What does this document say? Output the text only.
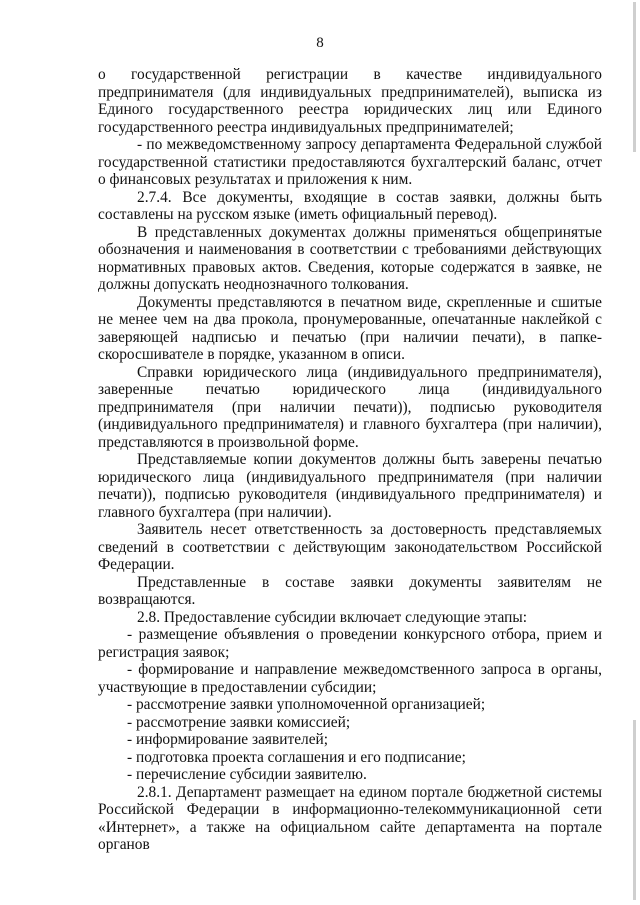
8

о государственной регистрации в качестве индивидуального предпринимателя (для индивидуальных предпринимателей), выписка из Единого государственного реестра юридических лиц или Единого государственного реестра индивидуальных предпринимателей;

- по межведомственному запросу департамента Федеральной службой государственной статистики предоставляются бухгалтерский баланс, отчет о финансовых результатах и приложения к ним.

2.7.4. Все документы, входящие в состав заявки, должны быть составлены на русском языке (иметь официальный перевод).

В представленных документах должны применяться общепринятые обозначения и наименования в соответствии с требованиями действующих нормативных правовых актов. Сведения, которые содержатся в заявке, не должны допускать неоднозначного толкования.

Документы представляются в печатном виде, скрепленные и сшитые не менее чем на два прокола, пронумерованные, опечатанные наклейкой с заверяющей надписью и печатью (при наличии печати), в папке-скоросшивателе в порядке, указанном в описи.

Справки юридического лица (индивидуального предпринимателя), заверенные печатью юридического лица (индивидуального предпринимателя (при наличии печати)), подписью руководителя (индивидуального предпринимателя) и главного бухгалтера (при наличии), представляются в произвольной форме.

Представляемые копии документов должны быть заверены печатью юридического лица (индивидуального предпринимателя (при наличии печати)), подписью руководителя (индивидуального предпринимателя) и главного бухгалтера (при наличии).

Заявитель несет ответственность за достоверность представляемых сведений в соответствии с действующим законодательством Российской Федерации.

Представленные в составе заявки документы заявителям не возвращаются.

2.8. Предоставление субсидии включает следующие этапы:

- размещение объявления о проведении конкурсного отбора, прием и регистрация заявок;

- формирование и направление межведомственного запроса в органы, участвующие в предоставлении субсидии;

- рассмотрение заявки уполномоченной организацией;

- рассмотрение заявки комиссией;

- информирование заявителей;

- подготовка проекта соглашения и его подписание;

- перечисление субсидии заявителю.

2.8.1. Департамент размещает на едином портале бюджетной системы Российской Федерации в информационно-телекоммуникационной сети «Интернет», а также на официальном сайте департамента на портале органов
